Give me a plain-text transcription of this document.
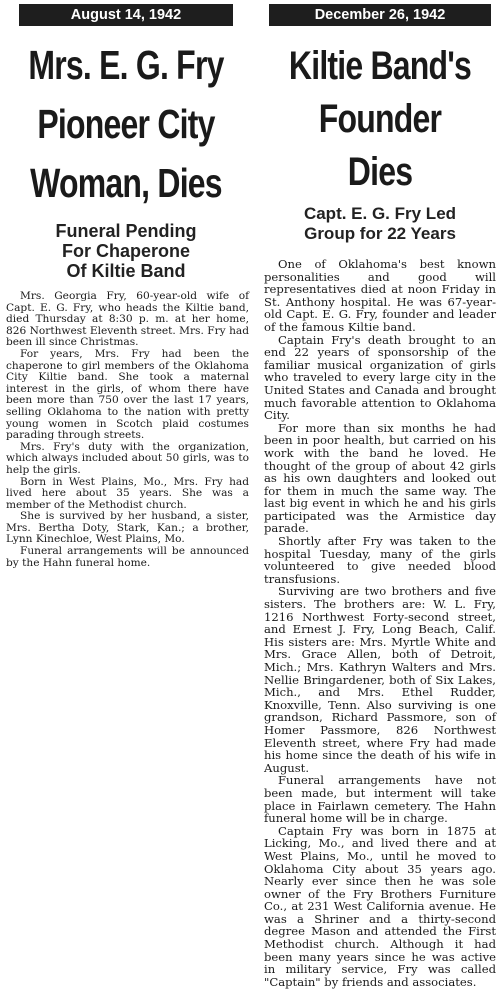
August 14, 1942
Mrs. E. G. Fry
Pioneer City
Woman, Dies
Funeral Pending
For Chaperone
Of Kiltie Band

Mrs. Georgia Fry, 60-year-old wife of Capt. E. G. Fry, who heads the Kiltie band, died Thursday at 8:30 p. m. at her home, 826 Northwest Eleventh street. Mrs. Fry had been ill since Christmas.

For years, Mrs. Fry had been the chaperone to girl members of the Oklahoma City Kiltie band. She took a maternal interest in the girls, of whom there have been more than 750 over the last 17 years, selling Oklahoma to the nation with pretty young women in Scotch plaid costumes parading through streets.

Mrs. Fry's duty with the organization, which always included about 50 girls, was to help the girls.

Born in West Plains, Mo., Mrs. Fry had lived here about 35 years. She was a member of the Methodist church.

She is survived by her husband, a sister, Mrs. Bertha Doty, Stark, Kan.; a brother, Lynn Kinechloe, West Plains, Mo.

Funeral arrangements will be announced by the Hahn funeral home.

December 26, 1942
Kiltie Band's
Founder Dies
Capt. E. G. Fry Led
Group for 22 Years

One of Oklahoma's best known personalities and good will representatives died at noon Friday in St. Anthony hospital. He was 67-year-old Capt. E. G. Fry, founder and leader of the famous Kiltie band.

Captain Fry's death brought to an end 22 years of sponsorship of the familiar musical organization of girls who traveled to every large city in the United States and Canada and brought much favorable attention to Oklahoma City.

For more than six months he had been in poor health, but carried on his work with the band he loved. He thought of the group of about 42 girls as his own daughters and looked out for them in much the same way. The last big event in which he and his girls participated was the Armistice day parade.

Shortly after Fry was taken to the hospital Tuesday, many of the girls volunteered to give needed blood transfusions.

Surviving are two brothers and five sisters. The brothers are: W. L. Fry, 1216 Northwest Forty-second street, and Ernest J. Fry, Long Beach, Calif. His sisters are: Mrs. Myrtle White and Mrs. Grace Allen, both of Detroit, Mich.; Mrs. Kathryn Walters and Mrs. Nellie Bringardener, both of Six Lakes, Mich., and Mrs. Ethel Rudder, Knoxville, Tenn. Also surviving is one grandson, Richard Passmore, son of Homer Passmore, 826 Northwest Eleventh street, where Fry had made his home since the death of his wife in August.

Funeral arrangements have not been made, but interment will take place in Fairlawn cemetery. The Hahn funeral home will be in charge.

Captain Fry was born in 1875 at Licking, Mo., and lived there and at West Plains, Mo., until he moved to Oklahoma City about 35 years ago. Nearly ever since then he was sole owner of the Fry Brothers Furniture Co., at 231 West California avenue. He was a Shriner and a thirty-second degree Mason and attended the First Methodist church. Although it had been many years since he was active in military service, Fry was called "Captain" by friends and associates.
